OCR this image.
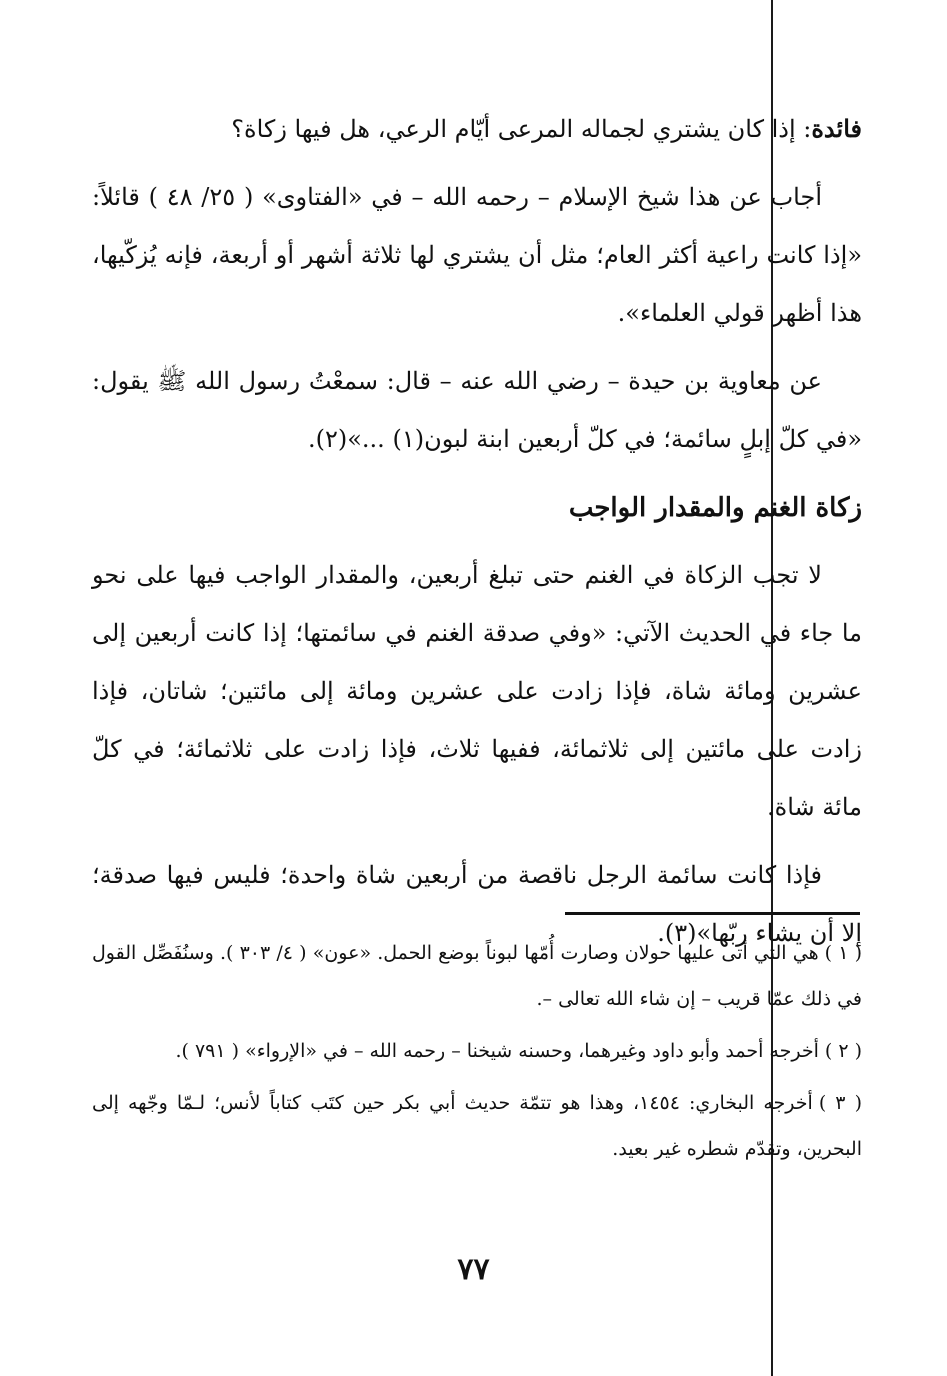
فائدة: إذا كان يشتري لجماله المرعى أيّام الرعي، هل فيها زكاة؟

أجاب عن هذا شيخ الإسلام – رحمه الله – في «الفتاوى» ( ٢٥/ ٤٨ ) قائلاً: «إذا كانت راعية أكثر العام؛ مثل أن يشتري لها ثلاثة أشهر أو أربعة، فإنه يُزكّيها، هذا أظهر قولي العلماء».

عن معاوية بن حيدة – رضي الله عنه – قال: سمعْتُ رسول الله ﷺ يقول: «في كلّ إبلٍ سائمة؛ في كلّ أربعين ابنة لبون(١) ...»(٢).

زكاة الغنم والمقدار الواجب

لا تجب الزكاة في الغنم حتى تبلغ أربعين، والمقدار الواجب فيها على نحو ما جاء في الحديث الآتي: «وفي صدقة الغنم في سائمتها؛ إذا كانت أربعين إلى عشرين ومائة شاة، فإذا زادت على عشرين ومائة إلى مائتين؛ شاتان، فإذا زادت على مائتين إلى ثلاثمائة، ففيها ثلاث، فإذا زادت على ثلاثمائة؛ في كلّ مائة شاة.

فإذا كانت سائمة الرجل ناقصة من أربعين شاة واحدة؛ فليس فيها صدقة؛ إلا أن يشاء ربّها»(٣).

( ١ )هي التي أتى عليها حولان وصارت أُمّها لبوناً بوضع الحمل. «عون» ( ٤/ ٣٠٣ ). وسنُفَصِّل القول في ذلك عمّا قريب – إن شاء الله تعالى –.

( ٢ )أخرجه أحمد وأبو داود وغيرهما، وحسنه شيخنا – رحمه الله – في «الإرواء» ( ٧٩١ ).

( ٣ )أخرجه البخاري: ١٤٥٤، وهذا هو تتمّة حديث أبي بكر حين كتَب كتاباً لأنس؛ لـمّا وجّهه إلى البحرين، وتقدّم شطره غير بعيد.

٧٧
